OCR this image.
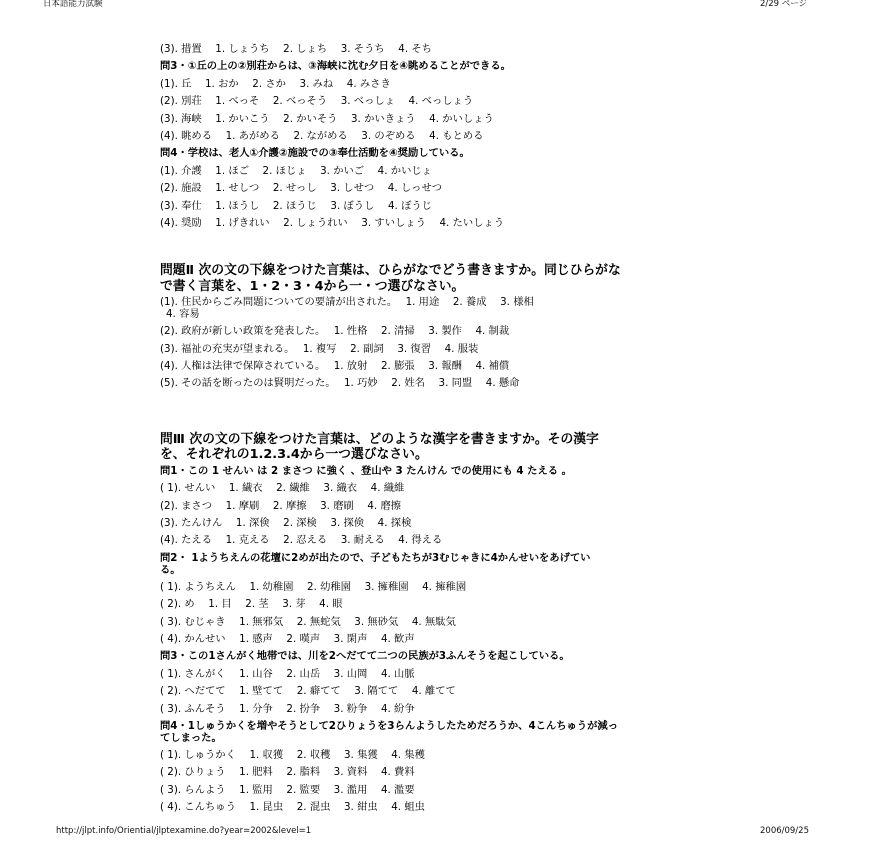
日本語能力試験	2/29 ページ
(3). 措置　 1. しょうち　 2. しょち　 3. そうち　 4. そち
問3・①丘の上の②別荘からは、③海峡に沈む夕日を④眺めることができる。
(1). 丘　 1. おか　 2. さか　 3. みね　 4. みさき
(2). 別荘　 1. べっそ　 2. べっそう　 3. べっしょ　 4. べっしょう
(3). 海峡　 1. かいこう　 2. かいそう　 3. かいきょう　 4. かいしょう
(4). 眺める　 1. あがめる　 2. ながめる　 3. のぞめる　 4. もとめる
問4・学校は、老人①介護②施設での③奉仕活動を④奨励している。
(1). 介護　 1. ほご　 2. ほじょ　 3. かいご　 4. かいじょ
(2). 施設　 1. せしつ　 2. せっし　 3. しせつ　 4. しっせつ
(3). 奉仕　 1. ほうし　 2. ほうじ　 3. ぼうし　 4. ぼうじ
(4). 奨励　 1. げきれい　 2. しょうれい　 3. すいしょう　 4. たいしょう
問題Ⅱ 次の文の下線をつけた言葉は、ひらがなでどう書きますか。同じひらがな
で書く言葉を、1・2・3・4から一・つ選びなさい。
(1). 住民からごみ問題についての要請が出された。　 1. 用途　 2. 養成　 3. 様相
4. 容易
(2). 政府が新しい政策を発表した。　 1. 性格　 2. 清掃　 3. 製作　 4. 制裁
(3). 福祉の充実が望まれる。　 1. 複写　 2. 副詞　 3. 復習　 4. 服装
(4). 人権は法律で保障されている。　 1. 放射　 2. 膨張　 3. 報酬　 4. 補償
(5). その話を断ったのは賢明だった。　 1. 巧妙　 2. 姓名　 3. 同盟　 4. 懸命
問Ⅲ 次の文の下線をつけた言葉は、どのような漢字を書きますか。その漢字
を、それぞれの1.2.3.4から一つ選びなさい。
問1・この 1 せんい は 2 まさつ に強く 、登山や 3 たんけん での使用にも 4 たえる 。
( 1). せんい　 1. 繊衣　 2. 繊維　 3. 織衣　 4. 織維
(2). まさつ　 1. 摩刷　 2. 摩擦　 3. 磨刷　 4. 磨擦
(3). たんけん　 1. 深倹　 2. 深検　 3. 探倹　 4. 探検
(4). たえる　 1. 克える　 2. 忍える　 3. 耐える　 4. 得える
問2・ 1ようちえんの花壇に2めが出たので、子どもたちが3むじゃきに4かんせいをあげてい
る。
( 1). ようちえん　 1. 幼稚園　 2. 幼稚園　 3. 擁稚園　 4. 擁稚園
( 2). め　 1. 目　 2. 茎　 3. 芽　 4. 眼
( 3). むじゃき　 1. 無邪気　 2. 無蛇気　 3. 無砂気　 4. 無駄気
( 4). かんせい　 1. 感声　 2. 嘆声　 3. 閑声　 4. 歓声
問3・この1さんがく地帯では、川を2へだてて二つの民族が3ふんそうを起こしている。
( 1). さんがく　 1. 山谷　 2. 山岳　 3. 山岡　 4. 山脈
( 2). へだてて　 1. 壁てて　 2. 癖てて　 3. 隔てて　 4. 離てて
( 3). ふんそう　 1. 分争　 2. 扮争　 3. 粉争　 4. 紛争
問4・1しゅうかくを増やそうとして2ひりょうを3らんようしたためだろうか、4こんちゅうが減っ
てしまった。
( 1). しゅうかく　 1. 収獲　 2. 収穫　 3. 集獲　 4. 集穫
( 2). ひりょう　 1. 肥料　 2. 脂料　 3. 資料　 4. 費料
( 3). らんよう　 1. 監用　 2. 監要　 3. 濫用　 4. 濫要
( 4). こんちゅう　 1. 昆虫　 2. 混虫　 3. 紺虫　 4. 蛆虫
http://jlpt.info/Oriential/jlptexamine.do?year=2002&level=1	2006/09/25
